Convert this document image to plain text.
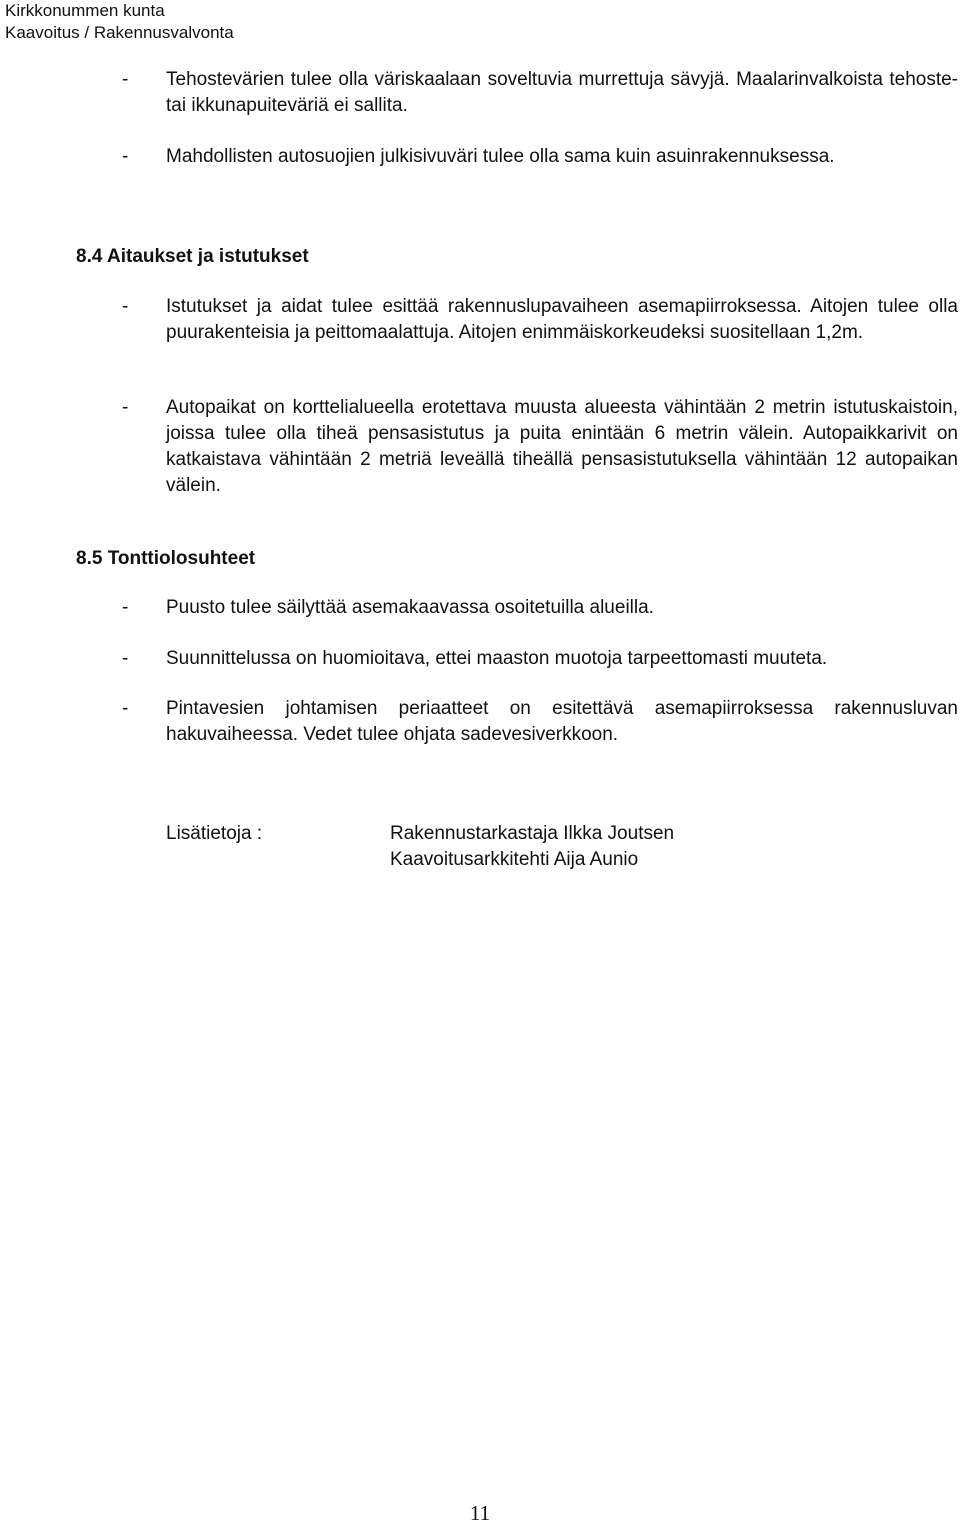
Kirkkonummen kunta
Kaavoitus / Rakennusvalvonta
- Tehostevärien tulee olla väriskaalaan soveltuvia murrettuja sävyjä. Maalarinvalkoista tehoste- tai ikkunapuiteväriä ei sallita.
- Mahdollisten autosuojien julkisivuväri tulee olla sama kuin asuinrakennuksessa.
8.4 Aitaukset ja istutukset
- Istutukset ja aidat tulee esittää rakennuslupavaiheen asemapiirroksessa. Aitojen tulee olla puurakenteisia ja peittomaalattuja. Aitojen enimmäiskorkeudeksi suositellaan 1,2m.
- Autopaikat on korttelialueella erotettava muusta alueesta vähintään 2 metrin istutuskaistoin, joissa tulee olla tiheä pensasistutus ja puita enintään 6 metrin välein. Autopaikkarivit on katkaistava vähintään 2 metriä leveällä tiheällä pensasistutuksella vähintään 12 autopaikan välein.
8.5 Tonttiolosuhteet
- Puusto tulee säilyttää asemakaavassa osoitetuilla alueilla.
- Suunnittelussa on huomioitava, ettei maaston muotoja tarpeettomasti muuteta.
- Pintavesien johtamisen periaatteet on esitettävä asemapiirroksessa rakennusluvan hakuvaiheessa. Vedet tulee ohjata sadevesiverkkoon.
Lisätietoja :	Rakennustarkastaja Ilkka Joutsen
Kaavoitusarkkitehti Aija Aunio
11
